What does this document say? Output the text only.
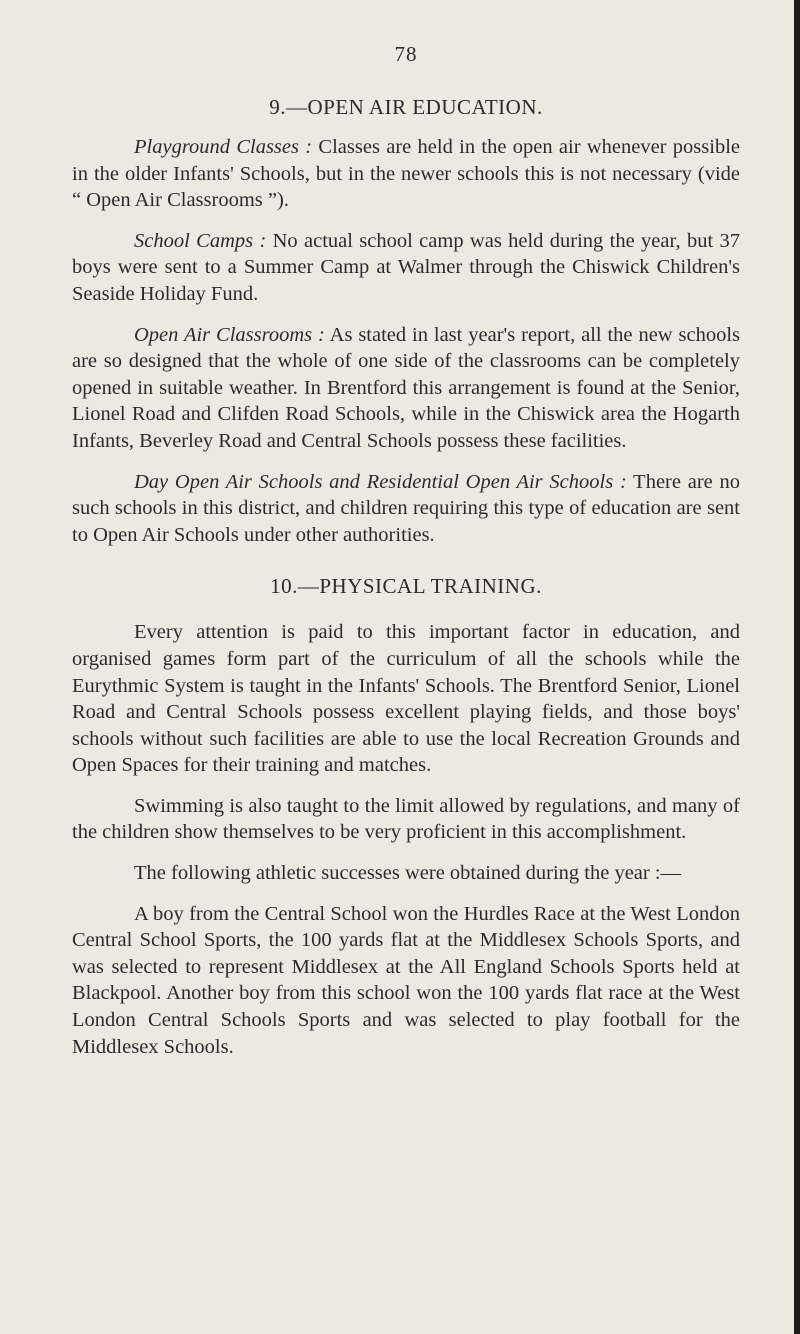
78
9.—OPEN AIR EDUCATION.

Playground Classes : Classes are held in the open air whenever possible in the older Infants' Schools, but in the newer schools this is not necessary (vide “ Open Air Classrooms ”).

School Camps : No actual school camp was held during the year, but 37 boys were sent to a Summer Camp at Walmer through the Chiswick Children's Seaside Holiday Fund.

Open Air Classrooms : As stated in last year's report, all the new schools are so designed that the whole of one side of the classrooms can be completely opened in suitable weather. In Brentford this arrangement is found at the Senior, Lionel Road and Clifden Road Schools, while in the Chiswick area the Hogarth Infants, Beverley Road and Central Schools possess these facilities.

Day Open Air Schools and Residential Open Air Schools : There are no such schools in this district, and children requiring this type of education are sent to Open Air Schools under other authorities.

10.—PHYSICAL TRAINING.

Every attention is paid to this important factor in education, and organised games form part of the curriculum of all the schools while the Eurythmic System is taught in the Infants' Schools. The Brentford Senior, Lionel Road and Central Schools possess excellent playing fields, and those boys' schools without such facilities are able to use the local Recreation Grounds and Open Spaces for their training and matches.

Swimming is also taught to the limit allowed by regulations, and many of the children show themselves to be very proficient in this accomplishment.

The following athletic successes were obtained during the year :—

A boy from the Central School won the Hurdles Race at the West London Central School Sports, the 100 yards flat at the Middlesex Schools Sports, and was selected to represent Middlesex at the All England Schools Sports held at Blackpool. Another boy from this school won the 100 yards flat race at the West London Central Schools Sports and was selected to play football for the Middlesex Schools.
